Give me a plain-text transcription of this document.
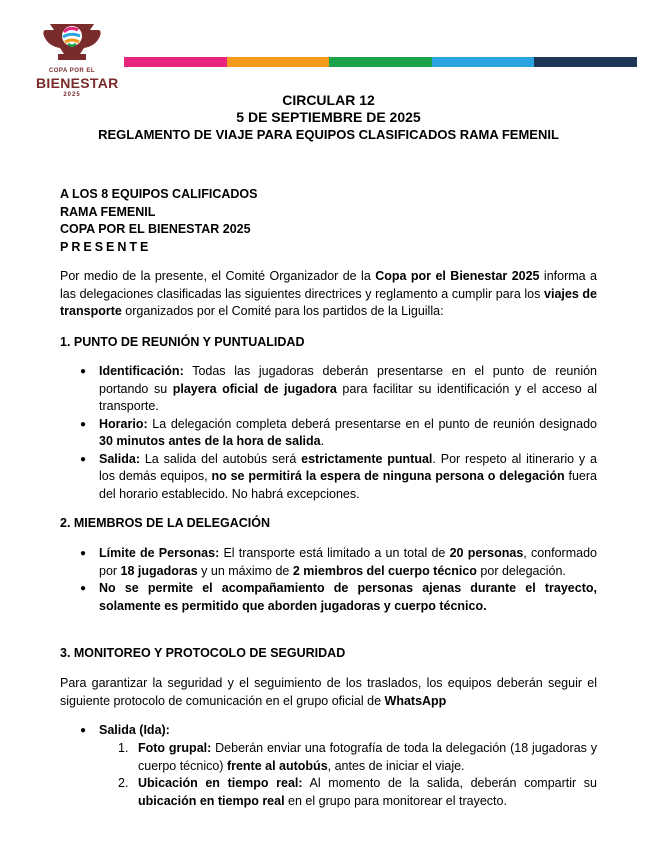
COPA POR EL
BIENESTAR
2025	CIRCULAR 12
5 DE SEPTIEMBRE DE 2025
REGLAMENTO DE VIAJE PARA EQUIPOS CLASIFICADOS RAMA FEMENIL
A LOS 8 EQUIPOS CALIFICADOS
RAMA FEMENIL
COPA POR EL BIENESTAR 2025
PRESENTE
Por medio de la presente, el Comité Organizador de la Copa por el Bienestar 2025 informa a las delegaciones clasificadas las siguientes directrices y reglamento a cumplir para los viajes de transporte organizados por el Comité para los partidos de la Liguilla:
1. PUNTO DE REUNIÓN Y PUNTUALIDAD
● Identificación: Todas las jugadoras deberán presentarse en el punto de reunión portando su playera oficial de jugadora para facilitar su identificación y el acceso al transporte.
● Horario: La delegación completa deberá presentarse en el punto de reunión designado 30 minutos antes de la hora de salida.
● Salida: La salida del autobús será estrictamente puntual. Por respeto al itinerario y a los demás equipos, no se permitirá la espera de ninguna persona o delegación fuera del horario establecido. No habrá excepciones.
2. MIEMBROS DE LA DELEGACIÓN
● Límite de Personas: El transporte está limitado a un total de 20 personas, conformado por 18 jugadoras y un máximo de 2 miembros del cuerpo técnico por delegación.
● No se permite el acompañamiento de personas ajenas durante el trayecto, solamente es permitido que aborden jugadoras y cuerpo técnico.
3. MONITOREO Y PROTOCOLO DE SEGURIDAD
Para garantizar la seguridad y el seguimiento de los traslados, los equipos deberán seguir el siguiente protocolo de comunicación en el grupo oficial de WhatsApp
● Salida (Ida):
1. Foto grupal: Deberán enviar una fotografía de toda la delegación (18 jugadoras y cuerpo técnico) frente al autobús, antes de iniciar el viaje.
2. Ubicación en tiempo real: Al momento de la salida, deberán compartir su ubicación en tiempo real en el grupo para monitorear el trayecto.
